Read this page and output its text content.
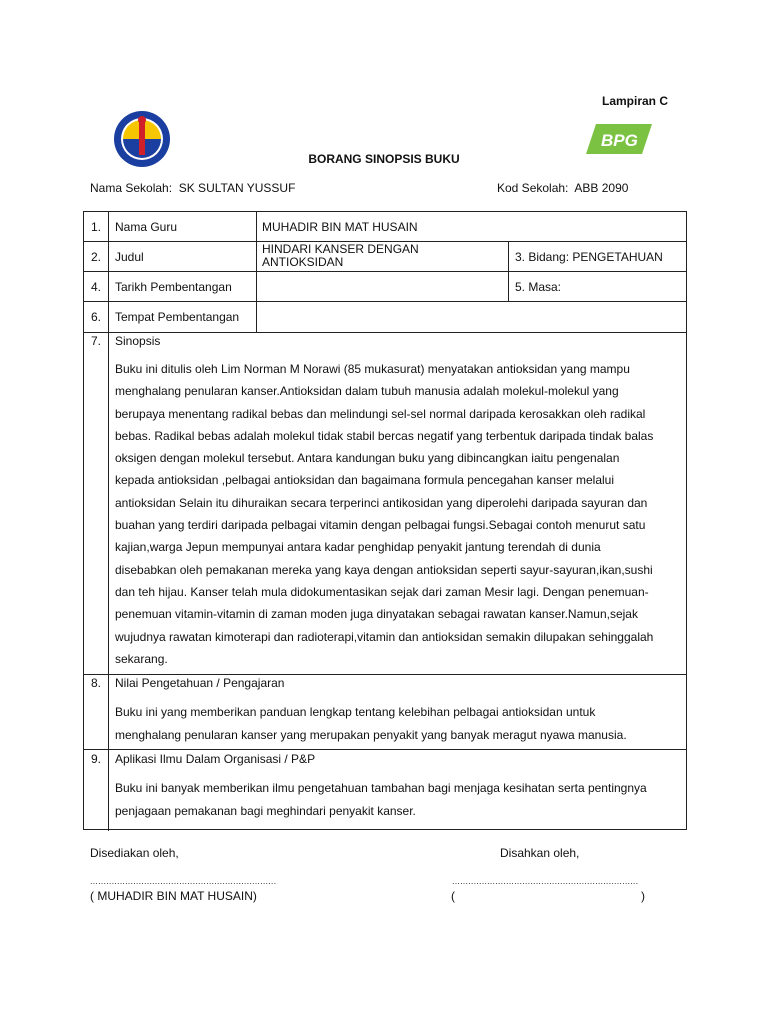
Lampiran C
BPG
BORANG SINOPSIS BUKU
Nama Sekolah: SK SULTAN YUSSUF	Kod Sekolah: ABB 2090
1. Nama Guru	MUHADIR BIN MAT HUSAIN
2. Judul
HINDARI KANSER DENGAN
ANTIOKSIDAN	3. Bidang: PENGETAHUAN
4. Tarikh Pembentangan	5. Masa:
6. Tempat Pembentangan
7. Sinopsis
Buku ini ditulis oleh Lim Norman M Norawi (85 mukasurat) menyatakan antioksidan yang mampu
menghalang penularan kanser.Antioksidan dalam tubuh manusia adalah molekul-molekul yang
berupaya menentang radikal bebas dan melindungi sel-sel normal daripada kerosakkan oleh radikal
bebas. Radikal bebas adalah molekul tidak stabil bercas negatif yang terbentuk daripada tindak balas
oksigen dengan molekul tersebut. Antara kandungan buku yang dibincangkan iaitu pengenalan
kepada antioksidan ,pelbagai antioksidan dan bagaimana formula pencegahan kanser melalui
antioksidan Selain itu dihuraikan secara terperinci antikosidan yang diperolehi daripada sayuran dan
buahan yang terdiri daripada pelbagai vitamin dengan pelbagai fungsi.Sebagai contoh menurut satu
kajian,warga Jepun mempunyai antara kadar penghidap penyakit jantung terendah di dunia
disebabkan oleh pemakanan mereka yang kaya dengan antioksidan seperti sayur-sayuran,ikan,sushi
dan teh hijau. Kanser telah mula didokumentasikan sejak dari zaman Mesir lagi. Dengan penemuan-
penemuan vitamin-vitamin di zaman moden juga dinyatakan sebagai rawatan kanser.Namun,sejak
wujudnya rawatan kimoterapi dan radioterapi,vitamin dan antioksidan semakin dilupakan sehinggalah
sekarang.
8. Nilai Pengetahuan / Pengajaran
Buku ini yang memberikan panduan lengkap tentang kelebihan pelbagai antioksidan untuk
menghalang penularan kanser yang merupakan penyakit yang banyak meragut nyawa manusia.
9. Aplikasi Ilmu Dalam Organisasi / P&P
Buku ini banyak memberikan ilmu pengetahuan tambahan bagi menjaga kesihatan serta pentingnya
penjagaan pemakanan bagi meghindari penyakit kanser.
Disediakan oleh,	Disahkan oleh,
.....................................................................	.....................................................................
( MUHADIR BIN MAT HUSAIN)	(	)
